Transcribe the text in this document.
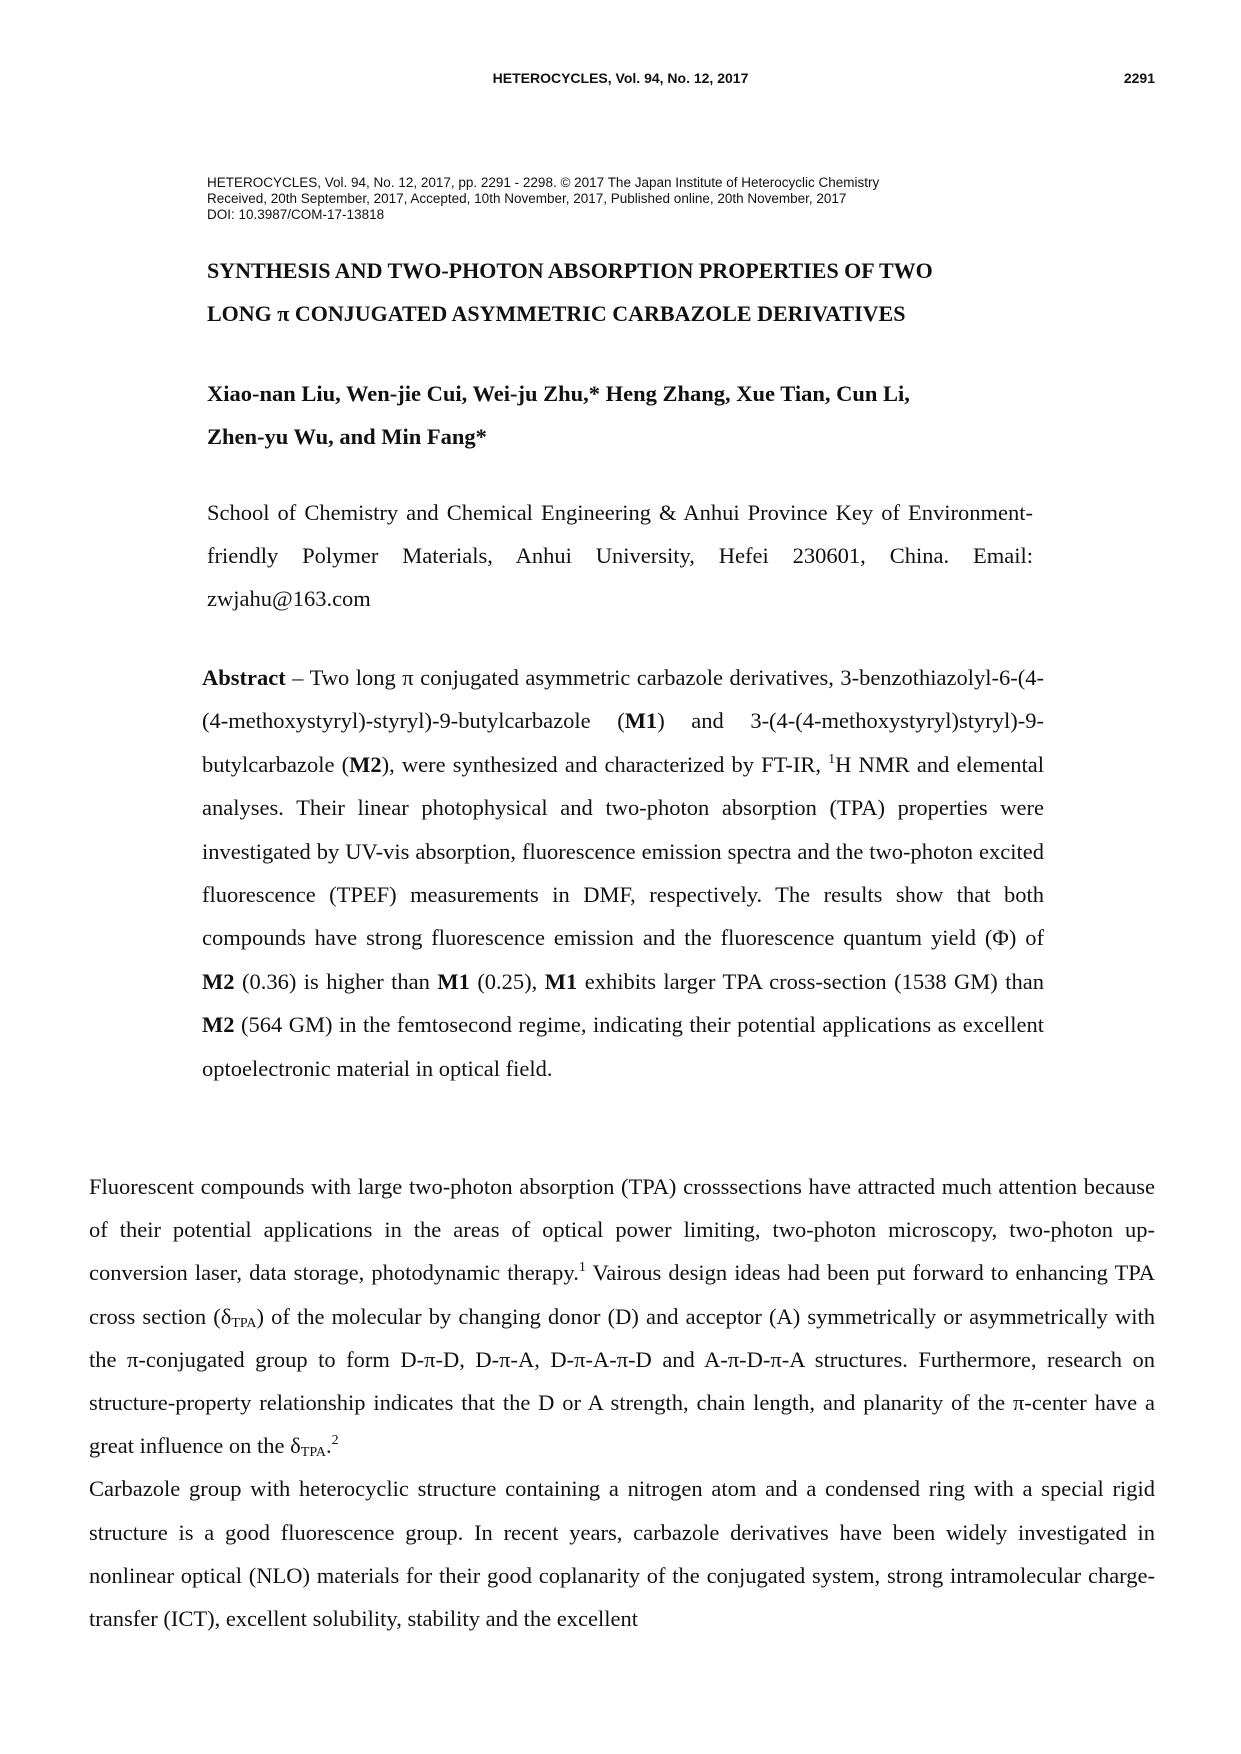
HETEROCYCLES, Vol. 94, No. 12, 2017	2291
HETEROCYCLES, Vol. 94, No. 12, 2017, pp. 2291 - 2298. © 2017 The Japan Institute of Heterocyclic Chemistry
Received, 20th September, 2017, Accepted, 10th November, 2017, Published online, 20th November, 2017
DOI: 10.3987/COM-17-13818
SYNTHESIS AND TWO-PHOTON ABSORPTION PROPERTIES OF TWO
LONG π CONJUGATED ASYMMETRIC CARBAZOLE DERIVATIVES

Xiao-nan Liu, Wen-jie Cui, Wei-ju Zhu,* Heng Zhang, Xue Tian, Cun Li,
Zhen-yu Wu, and Min Fang*

School of Chemistry and Chemical Engineering & Anhui Province Key of Environment-friendly Polymer Materials, Anhui University, Hefei 230601, China. Email: zwjahu@163.com

Abstract – Two long π conjugated asymmetric carbazole derivatives, 3-benzothiazolyl-6-(4-(4-methoxystyryl)-styryl)-9-butylcarbazole (M1) and 3-(4-(4-methoxystyryl)styryl)-9-butylcarbazole (M2), were synthesized and characterized by FT-IR, $^1$H NMR and elemental analyses. Their linear photophysical and two-photon absorption (TPA) properties were investigated by UV-vis absorption, fluorescence emission spectra and the two-photon excited fluorescence (TPEF) measurements in DMF, respectively. The results show that both compounds have strong fluorescence emission and the fluorescence quantum yield (Φ) of M2 (0.36) is higher than M1 (0.25), M1 exhibits larger TPA cross-section (1538 GM) than M2 (564 GM) in the femtosecond regime, indicating their potential applications as excellent optoelectronic material in optical field.

Fluorescent compounds with large two-photon absorption (TPA) crosssections have attracted much attention because of their potential applications in the areas of optical power limiting, two-photon microscopy, two-photon up-conversion laser, data storage, photodynamic therapy.$^1$ Vairous design ideas had been put forward to enhancing TPA cross section $(\delta_{TPA})$ of the molecular by changing donor (D) and acceptor (A) symmetrically or asymmetrically with the π-conjugated group to form D-π-D, D-π-A, D-π-A-π-D and A-π-D-π-A structures. Furthermore, research on structure-property relationship indicates that the D or A strength, chain length, and planarity of the π-center have a great influence on the $\delta_{TPA}.^2$
Carbazole group with heterocyclic structure containing a nitrogen atom and a condensed ring with a special rigid structure is a good fluorescence group. In recent years, carbazole derivatives have been widely investigated in nonlinear optical (NLO) materials for their good coplanarity of the conjugated system, strong intramolecular charge-transfer (ICT), excellent solubility, stability and the excellent
